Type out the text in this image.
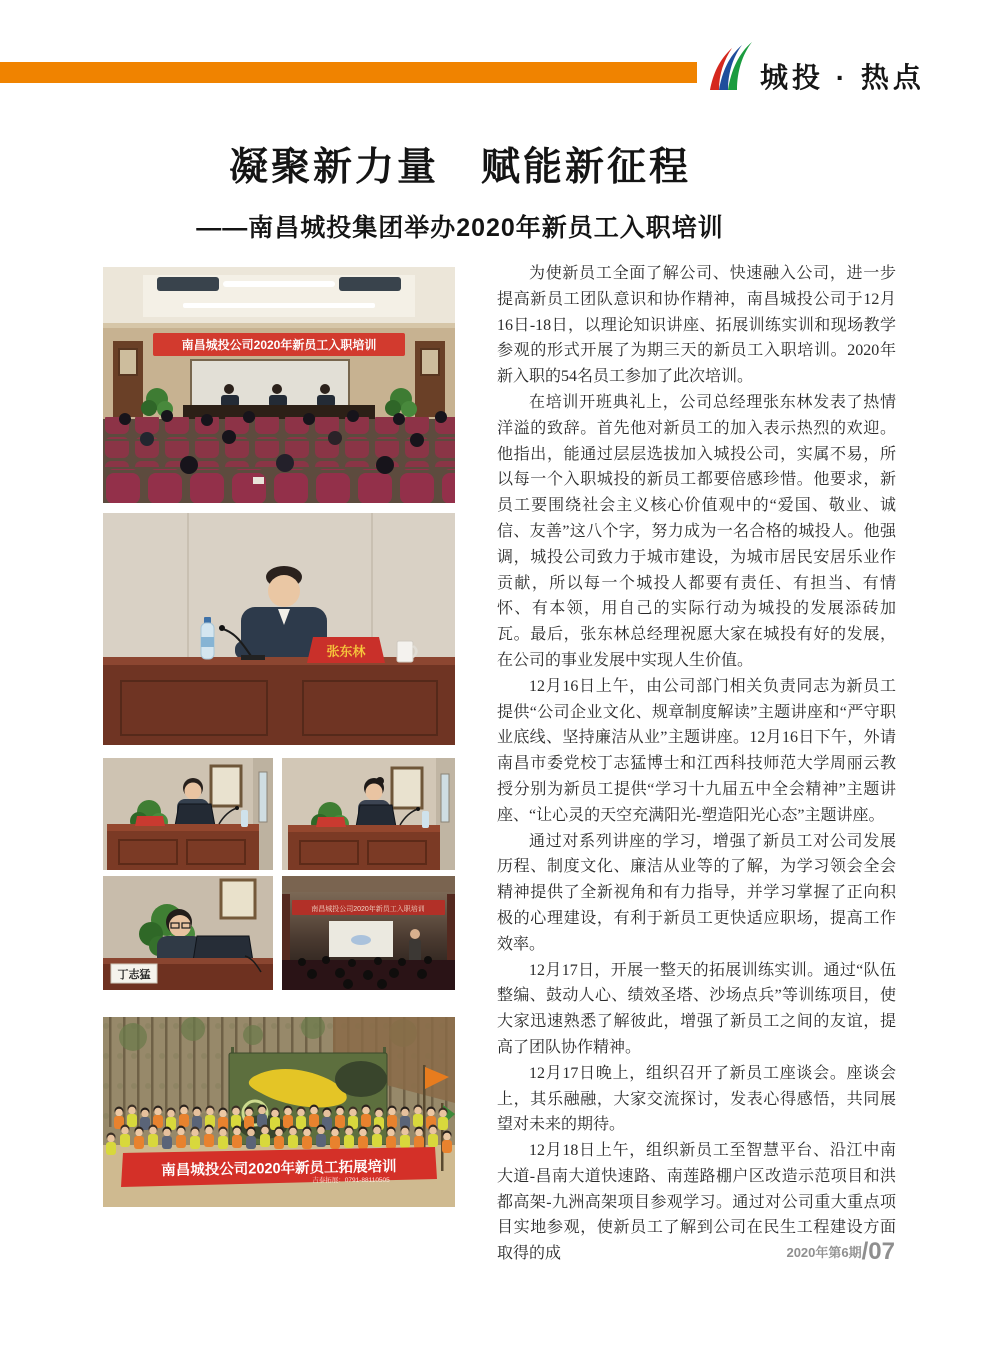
城投 · 热点
凝聚新力量　赋能新征程
——南昌城投集团举办2020年新员工入职培训
南昌城投公司2020年新员工入职培训
张东林
丁志猛
南昌城投公司2020年新员工入职培训
南昌城投公司2020年新员工拓展培训
吉泰拓展：0791-88110505

为使新员工全面了解公司、快速融入公司，进一步提高新员工团队意识和协作精神，南昌城投公司于12月16日-18日，以理论知识讲座、拓展训练实训和现场教学参观的形式开展了为期三天的新员工入职培训。2020年新入职的54名员工参加了此次培训。

在培训开班典礼上，公司总经理张东林发表了热情洋溢的致辞。首先他对新员工的加入表示热烈的欢迎。他指出，能通过层层选拔加入城投公司，实属不易，所以每一个入职城投的新员工都要倍感珍惜。他要求，新员工要围绕社会主义核心价值观中的“爱国、敬业、诚信、友善”这八个字，努力成为一名合格的城投人。他强调，城投公司致力于城市建设，为城市居民安居乐业作贡献，所以每一个城投人都要有责任、有担当、有情怀、有本领，用自己的实际行动为城投的发展添砖加瓦。最后，张东林总经理祝愿大家在城投有好的发展，在公司的事业发展中实现人生价值。

12月16日上午，由公司部门相关负责同志为新员工提供“公司企业文化、规章制度解读”主题讲座和“严守职业底线、坚持廉洁从业”主题讲座。12月16日下午，外请南昌市委党校丁志猛博士和江西科技师范大学周丽云教授分别为新员工提供“学习十九届五中全会精神”主题讲座、“让心灵的天空充满阳光-塑造阳光心态”主题讲座。

通过对系列讲座的学习，增强了新员工对公司发展历程、制度文化、廉洁从业等的了解，为学习领会全会精神提供了全新视角和有力指导，并学习掌握了正向积极的心理建设，有利于新员工更快适应职场，提高工作效率。

12月17日，开展一整天的拓展训练实训。通过“队伍整编、鼓动人心、绩效圣塔、沙场点兵”等训练项目，使大家迅速熟悉了解彼此，增强了新员工之间的友谊，提高了团队协作精神。

12月17日晚上，组织召开了新员工座谈会。座谈会上，其乐融融，大家交流探讨，发表心得感悟，共同展望对未来的期待。

12月18日上午，组织新员工至智慧平台、沿江中南大道-昌南大道快速路、南莲路棚户区改造示范项目和洪都高架-九洲高架项目参观学习。通过对公司重大重点项目实地参观，使新员工了解到公司在民生工程建设方面取得的成	2020年第6期/07
